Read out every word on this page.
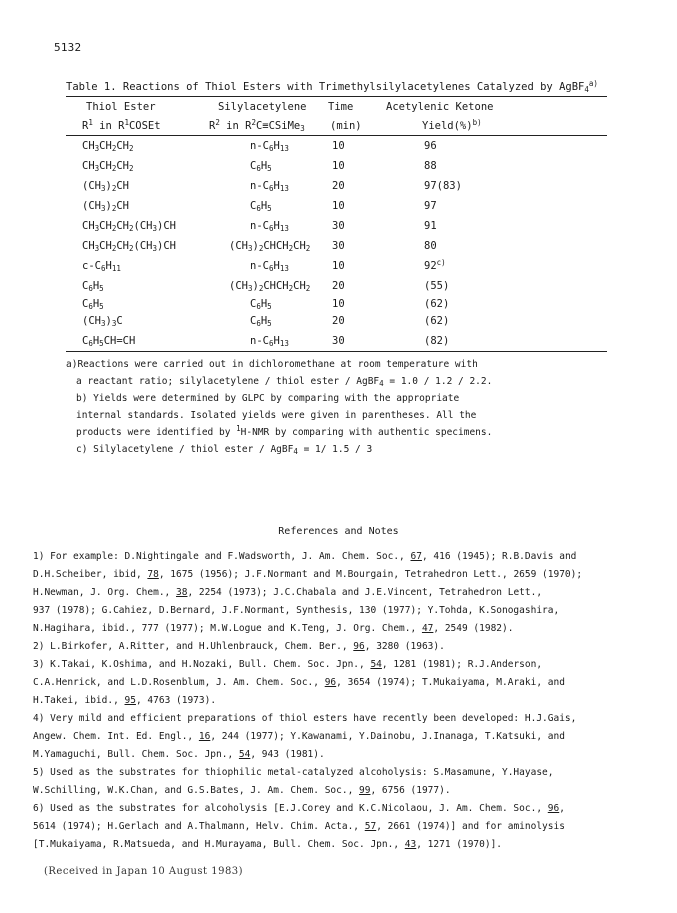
5132
Table 1. Reactions of Thiol Esters with Trimethylsilylacetylenes Catalyzed by AgBF$_4^{a)}$
Thiol Ester	Silylacetylene	Time	Acetylenic Ketone
$R^1$ in $R^1COSEt$	$R^2$ in $R^2C\equiv CSiMe_3$	(min)	Yield(%)$^{b)}$
$CH_3CH_2CH_2$	$n-C_6H_{13}$	10	96
$CH_3CH_2CH_2$	$C_6H_5$	10	88
$(CH_3)_2CH$	$n-C_6H_{13}$	20	97(83)
$(CH_3)_2CH$	$C_6H_5$	10	97
$CH_3CH_2CH_2(CH_3)CH$	$n-C_6H_{13}$	30	91
$CH_3CH_2CH_2(CH_3)CH$	$(CH_3)_2CHCH_2CH_2$	30	80
$c-C_6H_{11}$	$n-C_6H_{13}$	10	92$^{c)}$
$C_6H_5$	$(CH_3)_2CHCH_2CH_2$	20	(55)
$C_6H_5$	$C_6H_5$	10	(62)
$(CH_3)_3C$	$C_6H_5$	20	(62)
$C_6H_5CH=CH$	$n-C_6H_{13}$	30	(82)
a)Reactions were carried out in dichloromethane at room temperature with
a reactant ratio; silylacetylene / thiol ester / AgBF$_4$ = 1.0 / 1.2 / 2.2.
b) Yields were determined by GLPC by comparing with the appropriate
internal standards. Isolated yields were given in parentheses. All the
products were identified by $^1$H-NMR by comparing with authentic specimens.
c) Silylacetylene / thiol ester / AgBF$_4$ = 1/ 1.5 / 3
References and Notes
1) For example: D.Nightingale and F.Wadsworth, J. Am. Chem. Soc., 67, 416 (1945); R.B.Davis and
D.H.Scheiber, ibid, 78, 1675 (1956); J.F.Normant and M.Bourgain, Tetrahedron Lett., 2659 (1970);
H.Newman, J. Org. Chem., 38, 2254 (1973); J.C.Chabala and J.E.Vincent, Tetrahedron Lett.,
937 (1978); G.Cahiez, D.Bernard, J.F.Normant, Synthesis, 130 (1977); Y.Tohda, K.Sonogashira,
N.Hagihara, ibid., 777 (1977); M.W.Logue and K.Teng, J. Org. Chem., 47, 2549 (1982).
2) L.Birkofer, A.Ritter, and H.Uhlenbrauck, Chem. Ber., 96, 3280 (1963).
3) K.Takai, K.Oshima, and H.Nozaki, Bull. Chem. Soc. Jpn., 54, 1281 (1981); R.J.Anderson,
C.A.Henrick, and L.D.Rosenblum, J. Am. Chem. Soc., 96, 3654 (1974); T.Mukaiyama, M.Araki, and
H.Takei, ibid., 95, 4763 (1973).
4) Very mild and efficient preparations of thiol esters have recently been developed: H.J.Gais,
Angew. Chem. Int. Ed. Engl., 16, 244 (1977); Y.Kawanami, Y.Dainobu, J.Inanaga, T.Katsuki, and
M.Yamaguchi, Bull. Chem. Soc. Jpn., 54, 943 (1981).
5) Used as the substrates for thiophilic metal-catalyzed alcoholysis: S.Masamune, Y.Hayase,
W.Schilling, W.K.Chan, and G.S.Bates, J. Am. Chem. Soc., 99, 6756 (1977).
6) Used as the substrates for alcoholysis [E.J.Corey and K.C.Nicolaou, J. Am. Chem. Soc., 96,
5614 (1974); H.Gerlach and A.Thalmann, Helv. Chim. Acta., 57, 2661 (1974)] and for aminolysis
[T.Mukaiyama, R.Matsueda, and H.Murayama, Bull. Chem. Soc. Jpn., 43, 1271 (1970)].
(Received in Japan 10 August 1983)
